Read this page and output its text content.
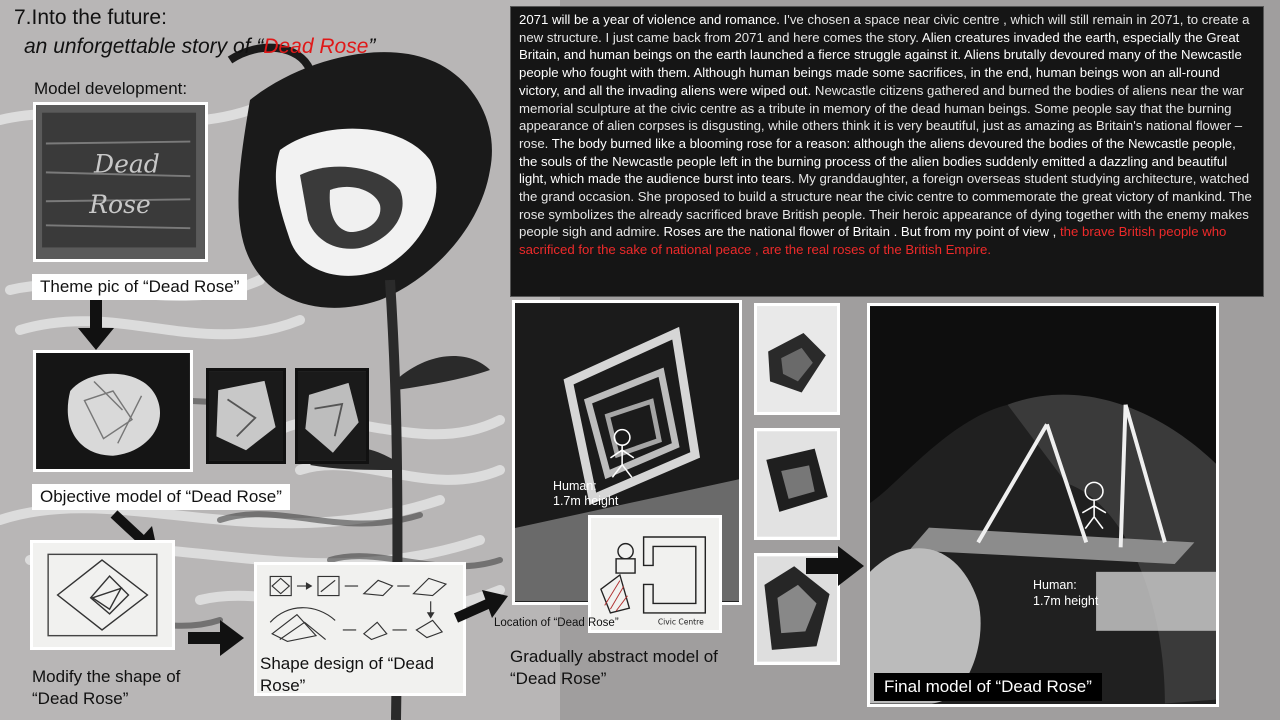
7.Into the future:
an unforgettable story of “Dead Rose”
Model development:
Dead
Rose
Theme pic of “Dead Rose”
Objective model of “Dead Rose”
Modify the shape of “Dead Rose”
Shape design of “Dead Rose”
2071 will be a year of violence and romance. I've chosen a space near civic centre , which will still remain in 2071, to create a new structure. I just came back from 2071 and here comes the story. Alien creatures invaded the earth, especially the Great Britain, and human beings on the earth launched a fierce struggle against it. Aliens brutally devoured many of the Newcastle people who fought with them. Although human beings made some sacrifices, in the end, human beings won an all-round victory, and all the invading aliens were wiped out. Newcastle citizens gathered and burned the bodies of aliens near the war memorial sculpture at the civic centre as a tribute in memory of the dead human beings. Some people say that the burning appearance of alien corpses is disgusting, while others think it is very beautiful, just as amazing as Britain's national flower – rose. The body burned like a blooming rose for a reason: although the aliens devoured the bodies of the Newcastle people, the souls of the Newcastle people left in the burning process of the alien bodies suddenly emitted a dazzling and beautiful light, which made the audience burst into tears. My granddaughter, a foreign overseas student studying architecture, watched the grand occasion. She proposed to build a structure near the civic centre to commemorate the great victory of mankind. The rose symbolizes the already sacrificed brave British people. Their heroic appearance of dying together with the enemy makes people sigh and admire. Roses are the national flower of Britain . But from my point of view , the brave British people who sacrificed for the sake of national peace , are the real roses of the British Empire.
Human:
1.7m height
Civic Centre
Location of “Dead Rose”
Gradually abstract model of “Dead Rose”
Human:
1.7m height
Final model of “Dead Rose”
